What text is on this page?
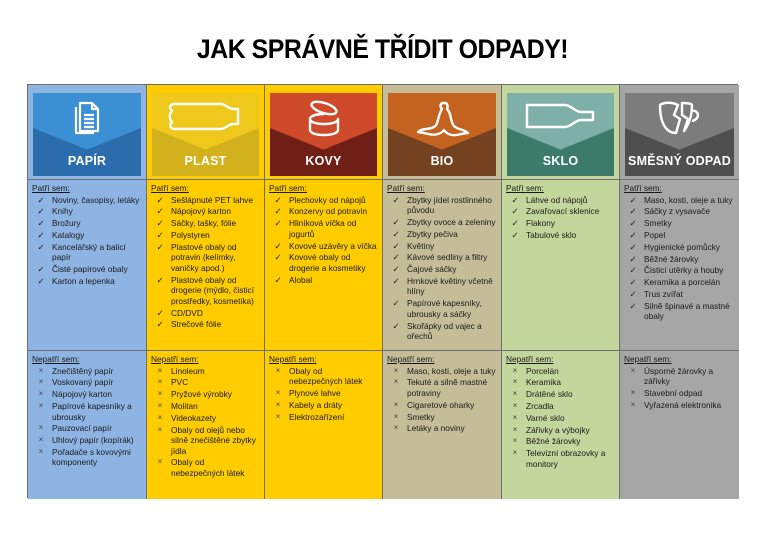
JAK SPRÁVNĚ TŘÍDIT ODPADY!
PAPÍR	PLAST	KOVY	BIO	SKLO	SMĚSNÝ ODPAD
Patří sem:
✓ Noviny, časopisy, letáky
✓ Knihy
✓ Brožury
✓ Katalogy
✓ Kancelářský a balicí papír
✓ Čisté papírové obaly
✓ Karton a lepenka
Patří sem:
✓ Sešlápnuté PET lahve
✓ Nápojový karton
✓ Sáčky, tašky, fólie
✓ Polystyren
✓ Plastové obaly od potravin (kelímky, vaničky apod.)
✓ Plastové obaly od drogerie (mýdlo, čisticí prostředky, kosmetika)
✓ CD/DVD
✓ Strečové fólie
Patří sem:
✓ Plechovky od nápojů
✓ Konzervy od potravin
✓ Hliníková víčka od jogurtů
✓ Kovové uzávěry a víčka
✓ Kovové obaly od drogerie a kosmetiky
✓ Alobal
Patří sem:
✓ Zbytky jídel rostlinného původu
✓ Zbytky ovoce a zeleniny
✓ Zbytky pečiva
✓ Květiny
✓ Kávové sedliny a filtry
✓ Čajové sáčky
✓ Hrnkové květiny včetně hlíny
✓ Papírové kapesníky, ubrousky a sáčky
✓ Skořápky od vajec a ořechů
Patří sem:
✓ Láhve od nápojů
✓ Zavařovací sklenice
✓ Flakony
✓ Tabulové sklo
Patří sem:
✓ Maso, kosti, oleje a tuky
✓ Sáčky z vysavače
✓ Smetky
✓ Popel
✓ Hygienické pomůcky
✓ Běžné žárovky
✓ Čisticí utěrky a houby
✓ Keramika a porcelán
✓ Trus zvířat
✓ Silně špinavé a mastné obaly
Nepatří sem:
×	Znečištěný papír
×	Voskovaný papír
×	Nápojový karton
×	Papírové kapesníky a ubrousky
×	Pauzovací papír
×	Uhlový papír (kopírák)
×	Pořadače s kovovými komponenty
Nepatří sem:
×	Linoleum
×	PVC
×	Pryžové výrobky
×	Molitan
×	Videokazety
×	Obaly od olejů nebo silně znečištěné zbytky jídla
×	Obaly od nebezpečných látek
Nepatří sem:
×	Obaly od nebezpečných látek
×	Plynové lahve
×	Kabely a dráty
×	Elektrozařízení
Nepatří sem:
×	Maso, kosti, oleje a tuky
×	Tekuté a silně mastné potraviny
×	Cigaretové oharky
×	Smetky
×	Letáky a noviny
Nepatří sem:
×	Porcelán
×	Keramika
×	Drátěné sklo
×	Zrcadla
×	Varné sklo
×	Zářivky a výbojky
×	Běžné žárovky
×	Televizní obrazovky a monitory
Nepatří sem:
×	Úsporné žárovky a zářivky
×	Stavební odpad
×	Vyřazená elektronika
